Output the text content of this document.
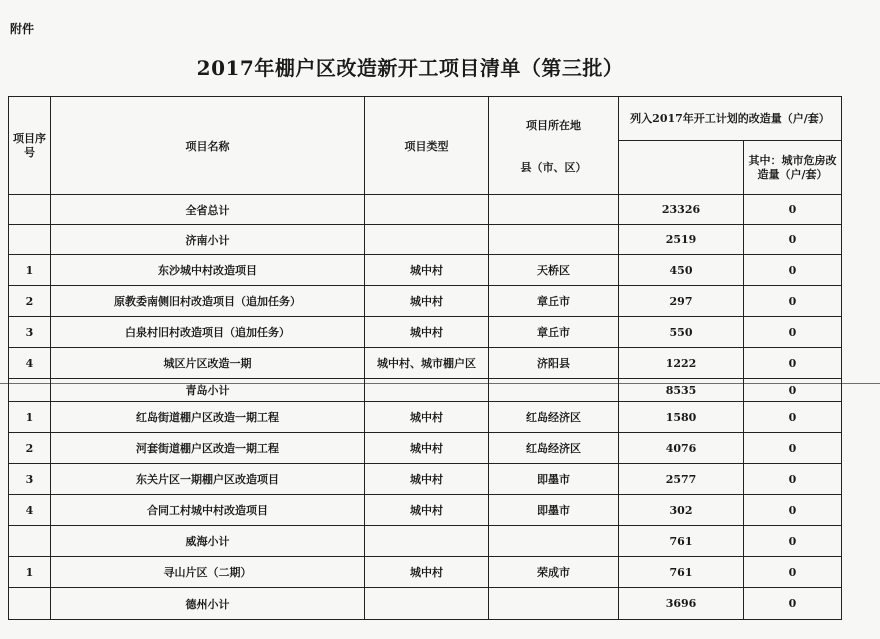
附件
2017年棚户区改造新开工项目清单（第三批）
项目序号	项目名称	项目类型	项目所在地
县（市、区）	列入2017年开工计划的改造量（户/套）	
					其中：城市危房改造量（户/套）
	全省总计			23326	0
	济南小计			2519	0
1	东沙城中村改造项目	城中村	天桥区	450	0
2	原教委南侧旧村改造项目（追加任务）	城中村	章丘市	297	0
3	白泉村旧村改造项目（追加任务）	城中村	章丘市	550	0
4	城区片区改造一期	城中村、城市棚户区	济阳县	1222	0
	青岛小计			8535	0
1	红岛街道棚户区改造一期工程	城中村	红岛经济区	1580	0
2	河套街道棚户区改造一期工程	城中村	红岛经济区	4076	0
3	东关片区一期棚户区改造项目	城中村	即墨市	2577	0
4	合同工村城中村改造项目	城中村	即墨市	302	0
	威海小计			761	0
1	寻山片区（二期）	城中村	荣成市	761	0
	德州小计			3696	0
